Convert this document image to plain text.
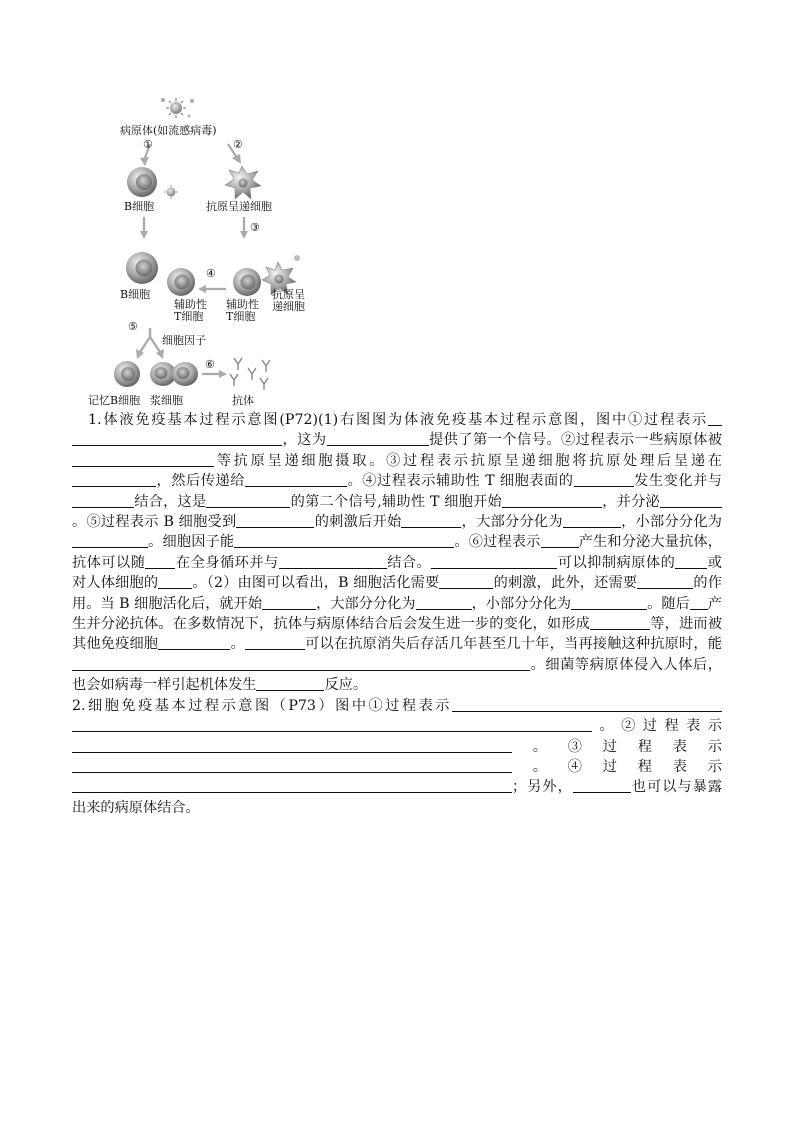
病原体(如流感病毒)
①	②
B细胞	抗原呈递细胞
③
④
B细胞
辅助性
T细胞
辅助性
T细胞
抗原呈
递细胞
⑤
细胞因子
⑥
记忆B细胞 浆细胞	抗体

1.体液免疫基本过程示意图(P72)(1)右图图为体液免疫基本过程示意图，图中①过程表示，这为	提供了第一个信号。②过程表示一些病原体被等抗原呈递细胞摄取。③过程表示抗原呈递细胞将抗原处理后呈递在，然后传递给	。④过程表示辅助性 T 细胞表面的	发生变化并与结合，这是	的第二个信号,辅助性 T 细胞开始	，并分泌。⑤过程表示 B 细胞受到	的刺激后开始	，大部分分化为	，小部分分化为。细胞因子能	。⑥过程表示	产生和分泌大量抗体，抗体可以随 在全身循环并与	结合。	可以抑制病原体的 或对人体细胞的 。（2）由图可以看出，B 细胞活化需要	的刺激，此外，还需要	的作用。当 B 细胞活化后，就开始	，大部分分化为	，小部分分化为	。随后 产生并分泌抗体。在多数情况下，抗体与病原体结合后会发生进一步的变化，如形成	等，进而被其他免疫细胞	。	可以在抗原消失后存活几年甚至几十年，当再接触这种抗原时，能。细菌等病原体侵入人体后，也会如病毒一样引起机体发生	反应。

2.细胞免疫基本过程示意图（P73）图中①过程表示。②过程表示。③过程表示。④过程表示；另外，	也可以与暴露出来的病原体结合。
